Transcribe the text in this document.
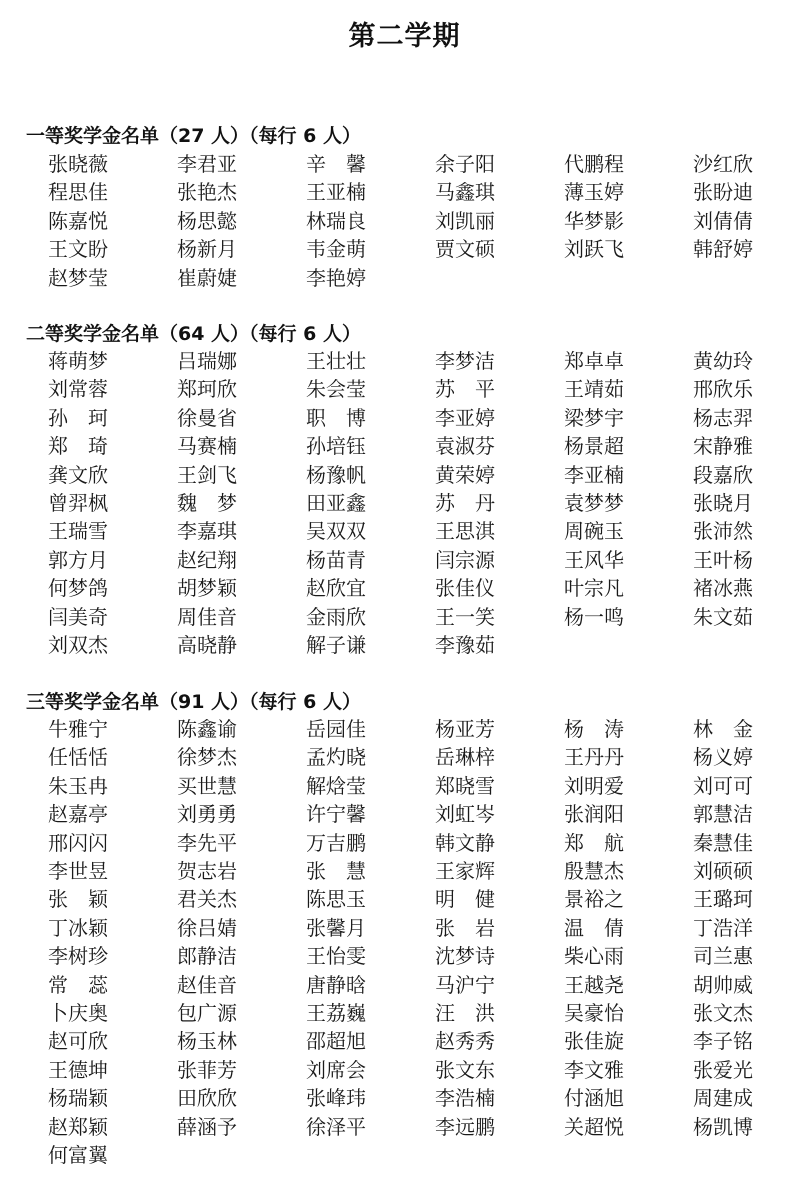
第二学期
一等奖学金名单（27 人）（每行 6 人）
张晓薇	李君亚	辛　馨	余子阳	代鹏程	沙红欣
程思佳	张艳杰	王亚楠	马鑫琪	薄玉婷	张盼迪
陈嘉悦	杨思懿	林瑞良	刘凯丽	华梦影	刘倩倩
王文盼	杨新月	韦金萌	贾文硕	刘跃飞	韩舒婷
赵梦莹	崔蔚婕	李艳婷
二等奖学金名单（64 人）（每行 6 人）
蒋萌梦	吕瑞娜	王壮壮	李梦洁	郑卓卓	黄幼玲
刘常蓉	郑珂欣	朱会莹	苏　平	王靖茹	邢欣乐
孙　珂	徐曼省	职　博	李亚婷	梁梦宇	杨志羿
郑　琦	马赛楠	孙培钰	袁淑芬	杨景超	宋静雅
龚文欣	王剑飞	杨豫帆	黄荣婷	李亚楠	段嘉欣
曾羿枫	魏　梦	田亚鑫	苏　丹	袁梦梦	张晓月
王瑞雪	李嘉琪	吴双双	王思淇	周碗玉	张沛然
郭方月	赵纪翔	杨苗青	闫宗源	王风华	王叶杨
何梦鸽	胡梦颖	赵欣宜	张佳仪	叶宗凡	褚冰燕
闫美奇	周佳音	金雨欣	王一笑	杨一鸣	朱文茹
刘双杰	高晓静	解子谦	李豫茹
三等奖学金名单（91 人）（每行 6 人）
牛雅宁	陈鑫谕	岳园佳	杨亚芳	杨　涛	林　金
任恬恬	徐梦杰	孟灼晓	岳琳梓	王丹丹	杨义婷
朱玉冉	买世慧	解焓莹	郑晓雪	刘明爱	刘可可
赵嘉亭	刘勇勇	许宁馨	刘虹岑	张润阳	郭慧洁
邢闪闪	李先平	万吉鹏	韩文静	郑　航	秦慧佳
李世昱	贺志岩	张　慧	王家辉	殷慧杰	刘硕硕
张　颖	君关杰	陈思玉	明　健	景裕之	王璐珂
丁冰颖	徐吕婧	张馨月	张　岩	温　倩	丁浩洋
李树珍	郎静洁	王怡雯	沈梦诗	柴心雨	司兰惠
常　蕊	赵佳音	唐静晗	马沪宁	王越尧	胡帅威
卜庆奥	包广源	王荔巍	汪　洪	吴豪怡	张文杰
赵可欣	杨玉林	邵超旭	赵秀秀	张佳旋	李子铭
王德坤	张菲芳	刘席会	张文东	李文雅	张爱光
杨瑞颖	田欣欣	张峰玮	李浩楠	付涵旭	周建成
赵郑颖	薛涵予	徐泽平	李远鹏	关超悦	杨凯博
何富翼
